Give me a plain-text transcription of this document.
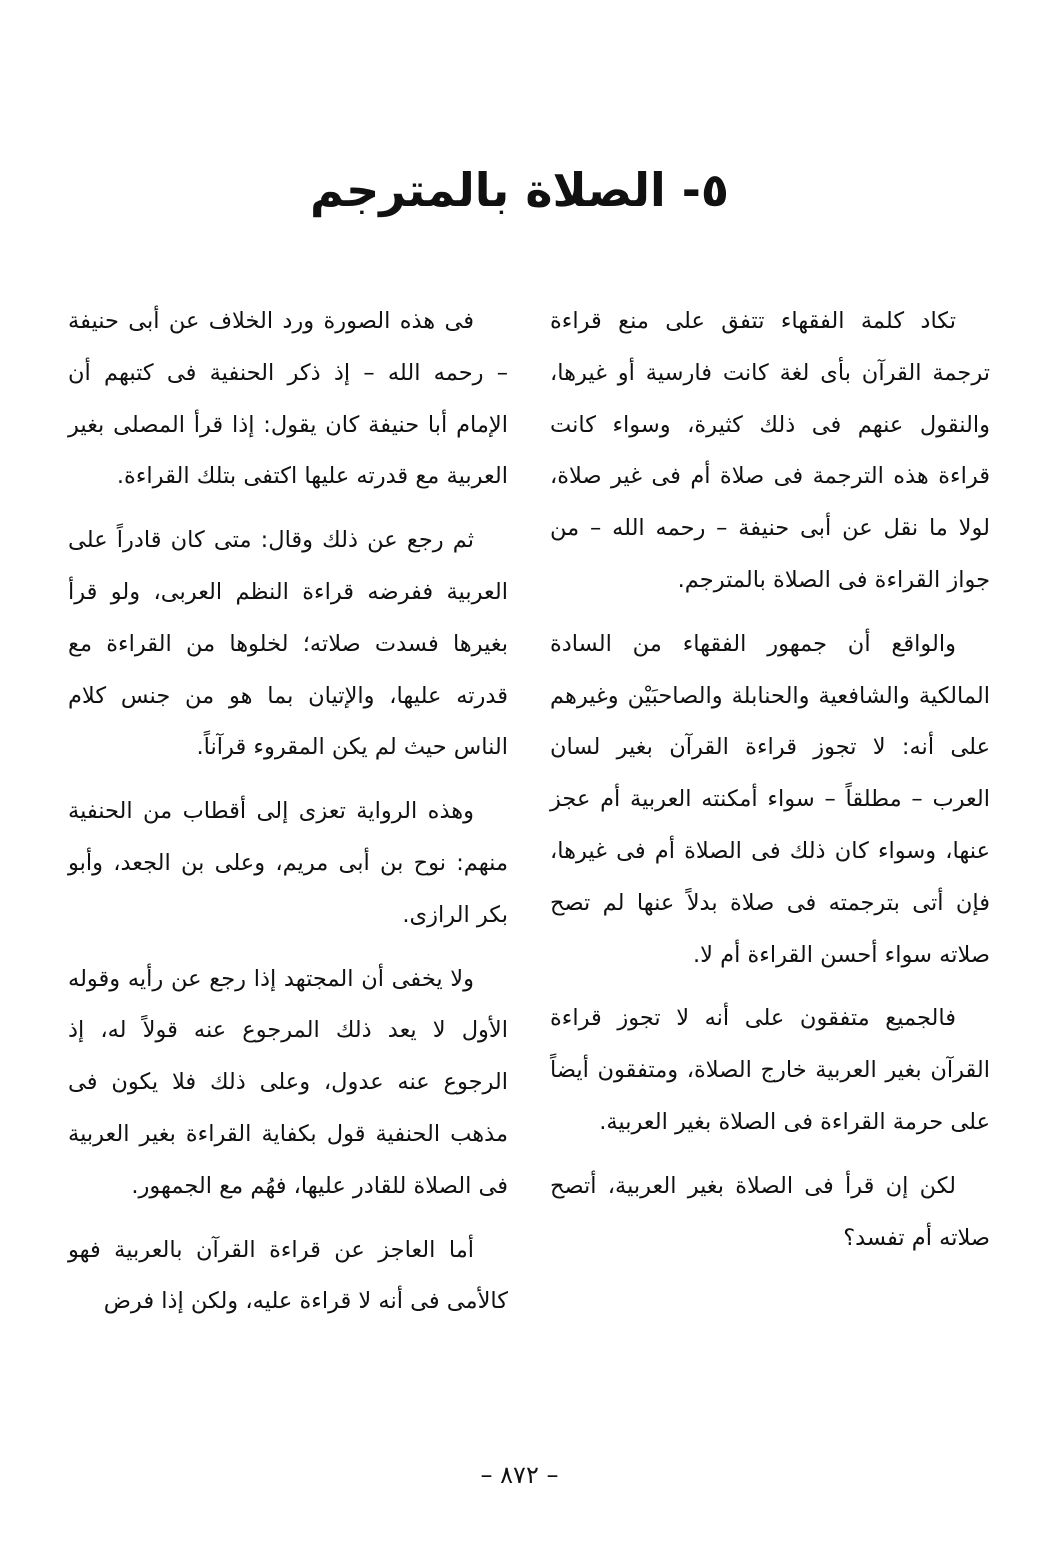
٥- الصلاة بالمترجم

تكاد كلمة الفقهاء تتفق على منع قراءة ترجمة القرآن بأى لغة كانت فارسية أو غيرها، والنقول عنهم فى ذلك كثيرة، وسواء كانت قراءة هذه الترجمة فى صلاة أم فى غير صلاة، لولا ما نقل عن أبى حنيفة – رحمه الله – من جواز القراءة فى الصلاة بالمترجم.

والواقع أن جمهور الفقهاء من السادة المالكية والشافعية والحنابلة والصاحبَيْن وغيرهم على أنه: لا تجوز قراءة القرآن بغير لسان العرب – مطلقاً – سواء أمكنته العربية أم عجز عنها، وسواء كان ذلك فى الصلاة أم فى غيرها، فإن أتى بترجمته فى صلاة بدلاً عنها لم تصح صلاته سواء أحسن القراءة أم لا.

فالجميع متفقون على أنه لا تجوز قراءة القرآن بغير العربية خارج الصلاة، ومتفقون أيضاً على حرمة القراءة فى الصلاة بغير العربية.

لكن إن قرأ فى الصلاة بغير العربية، أتصح صلاته أم تفسد؟

فى هذه الصورة ورد الخلاف عن أبى حنيفة – رحمه الله – إذ ذكر الحنفية فى كتبهم أن الإمام أبا حنيفة كان يقول: إذا قرأ المصلى بغير العربية مع قدرته عليها اكتفى بتلك القراءة.

ثم رجع عن ذلك وقال: متى كان قادراً على العربية ففرضه قراءة النظم العربى، ولو قرأ بغيرها فسدت صلاته؛ لخلوها من القراءة مع قدرته عليها، والإتيان بما هو من جنس كلام الناس حيث لم يكن المقروء قرآناً.

وهذه الرواية تعزى إلى أقطاب من الحنفية منهم: نوح بن أبى مريم، وعلى بن الجعد، وأبو بكر الرازى.

ولا يخفى أن المجتهد إذا رجع عن رأيه وقوله الأول لا يعد ذلك المرجوع عنه قولاً له، إذ الرجوع عنه عدول، وعلى ذلك فلا يكون فى مذهب الحنفية قول بكفاية القراءة بغير العربية فى الصلاة للقادر عليها، فهُم مع الجمهور.

أما العاجز عن قراءة القرآن بالعربية فهو كالأمى فى أنه لا قراءة عليه، ولكن إذا فرض

– ٨٧٢ –
